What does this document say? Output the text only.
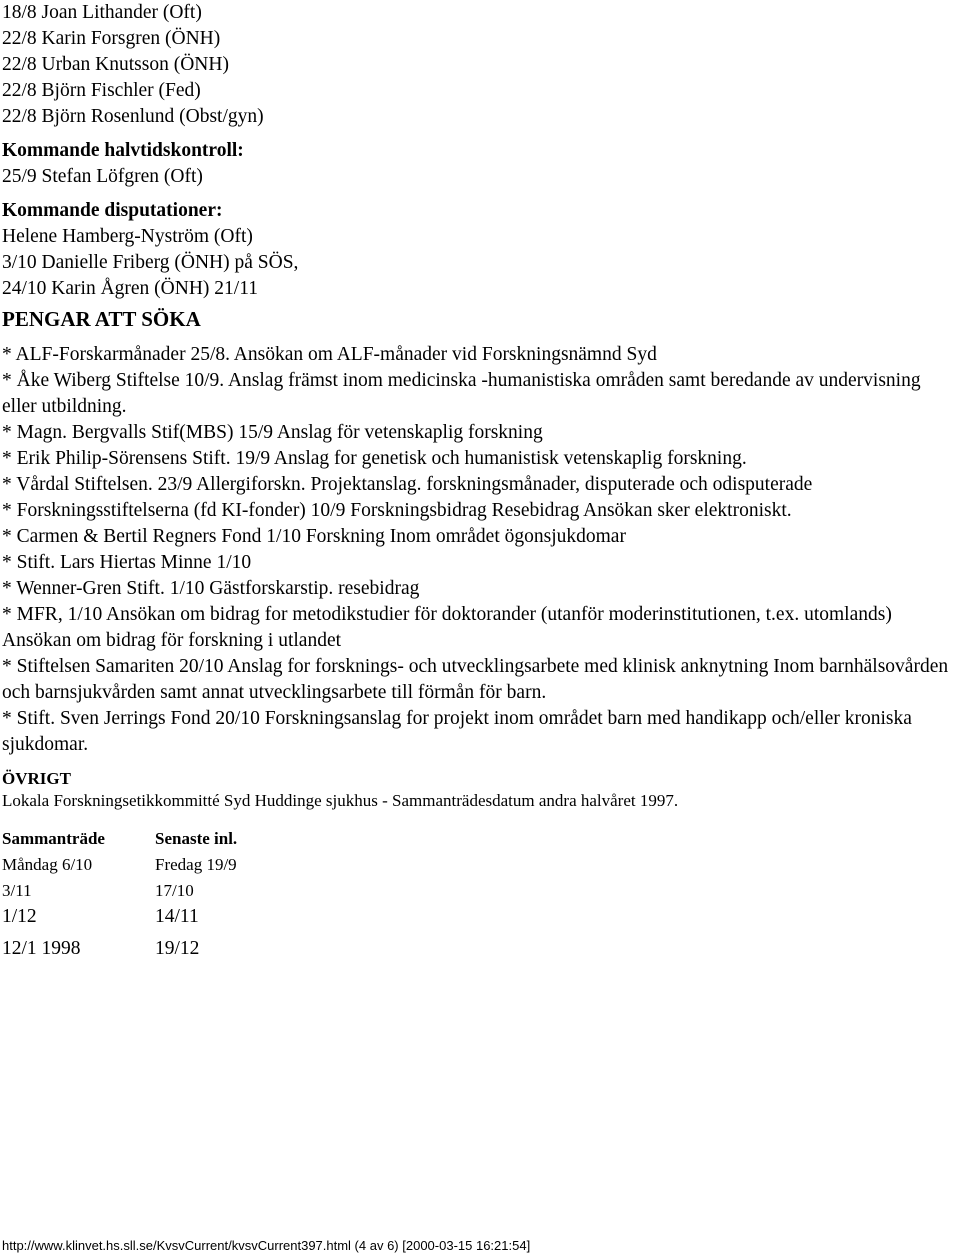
18/8 Joan Lithander (Oft)
22/8 Karin Forsgren (ÖNH)
22/8 Urban Knutsson (ÖNH)
22/8 Björn Fischler (Fed)
22/8 Björn Rosenlund (Obst/gyn)
Kommande halvtidskontroll:
25/9 Stefan Löfgren (Oft)
Kommande disputationer:
Helene Hamberg-Nyström (Oft)
3/10 Danielle Friberg (ÖNH) på SÖS,
24/10 Karin Ågren (ÖNH) 21/11
PENGAR ATT SÖKA
* ALF-Forskarmånader 25/8. Ansökan om ALF-månader vid Forskningsnämnd Syd
* Åke Wiberg Stiftelse 10/9. Anslag främst inom medicinska -humanistiska områden samt beredande av undervisning eller utbildning.
* Magn. Bergvalls Stif(MBS) 15/9 Anslag för vetenskaplig forskning
* Erik Philip-Sörensens Stift. 19/9 Anslag for genetisk och humanistisk vetenskaplig forskning.
* Vårdal Stiftelsen. 23/9 Allergiforskn. Projektanslag. forskningsmånader, disputerade och odisputerade
* Forskningsstiftelserna (fd KI-fonder) 10/9 Forskningsbidrag Resebidrag Ansökan sker elektroniskt.
* Carmen & Bertil Regners Fond 1/10 Forskning Inom området ögonsjukdomar
* Stift. Lars Hiertas Minne 1/10
* Wenner-Gren Stift. 1/10 Gästforskarstip. resebidrag
* MFR, 1/10 Ansökan om bidrag for metodikstudier för doktorander (utanför moderinstitutionen, t.ex. utomlands)
Ansökan om bidrag för forskning i utlandet
* Stiftelsen Samariten 20/10 Anslag for forsknings- och utvecklingsarbete med klinisk anknytning Inom barnhälsovården och barnsjukvården samt annat utvecklingsarbete till förmån för barn.
* Stift. Sven Jerrings Fond 20/10 Forskningsanslag for projekt inom området barn med handikapp och/eller kroniska sjukdomar.
ÖVRIGT
Lokala Forskningsetikkommitté Syd Huddinge sjukhus - Sammanträdesdatum andra halvåret 1997.
Sammanträde	Senaste inl.
Måndag 6/10	Fredag 19/9
3/11	17/10
1/12	14/11
12/1 1998	19/12
http://www.klinvet.hs.sll.se/KvsvCurrent/kvsvCurrent397.html (4 av 6) [2000-03-15 16:21:54]
